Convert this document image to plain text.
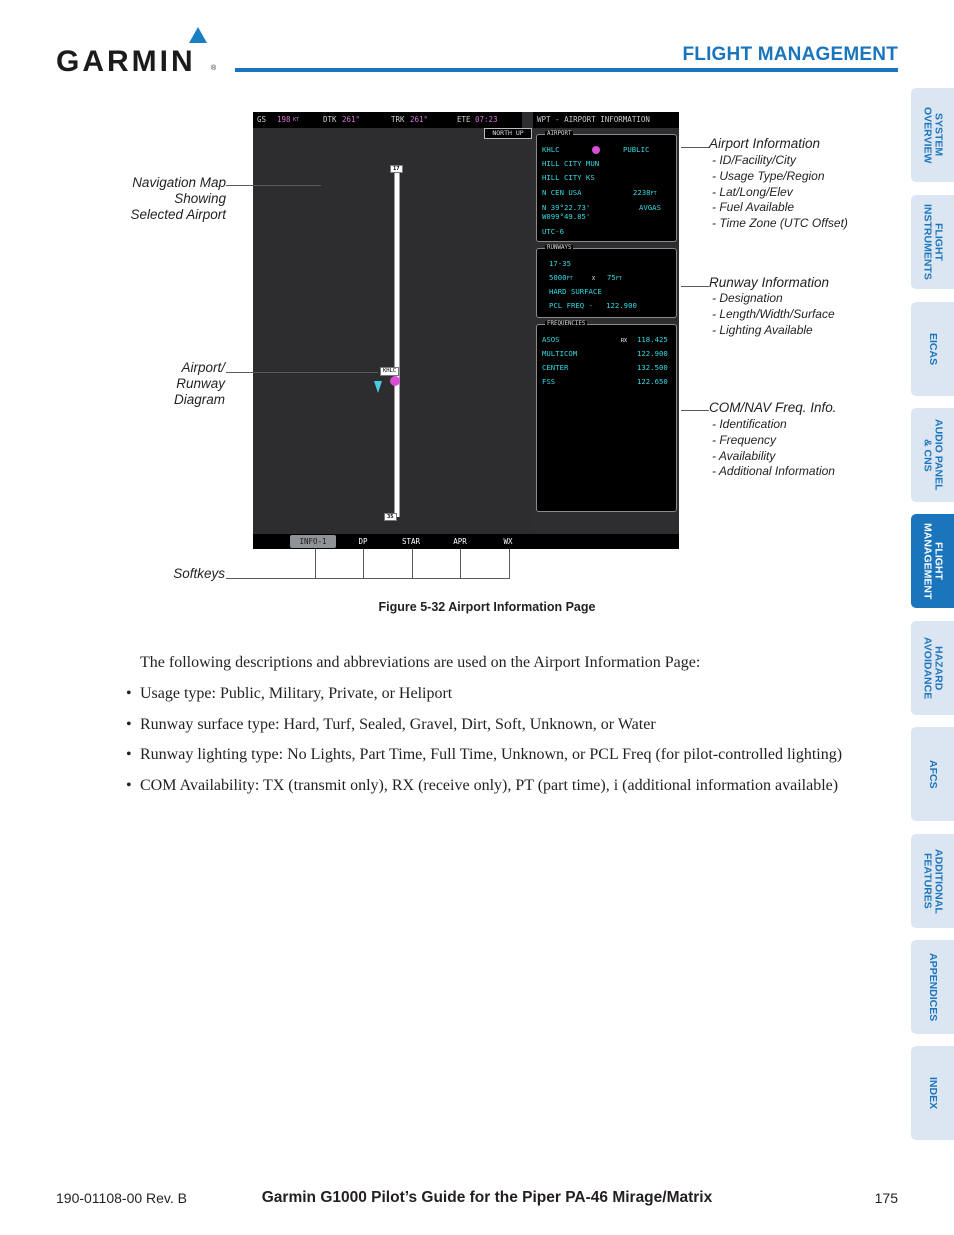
GARMIN ®
FLIGHT MANAGEMENT
SYSTEM
OVERVIEW
FLIGHT
INSTRUMENTS
EICAS
AUDIO PANEL
& CNS
FLIGHT
MANAGEMENT
HAZARD
AVOIDANCE
AFCS
ADDITIONAL
FEATURES
APPENDICES
INDEX
GS 198 KT	DTK 261°	TRK 261°	ETE 07:23
17
35
KHLC
NORTH UP
WPT - AIRPORT INFORMATION
AIRPORT
KHLC	PUBLIC
HILL CITY MUN
HILL CITY KS
N CEN USA	2238FT
N 39°22.73'	AVGAS
W099°49.85'
UTC-6
RUNWAYS
17-35
5000FT	X 75FT
HARD SURFACE
PCL FREQ -   122.900
FREQUENCIES
ASOS	RX 118.425
MULTICOM	122.900
CENTER	132.500
FSS	122.650
INFO-1	DP	STAR	APR	WX
Navigation Map
Showing
Selected Airport
Airport/
Runway
Diagram
Softkeys
Airport Information
- ID/Facility/City
- Usage Type/Region
- Lat/Long/Elev
- Fuel Available
- Time Zone (UTC Offset)
Runway Information
- Designation
- Length/Width/Surface
- Lighting Available
COM/NAV Freq. Info.
- Identification
- Frequency
- Availability
- Additional Information
Figure 5-32 Airport Information Page
The following descriptions and abbreviations are used on the Airport Information Page:
• Usage type: Public, Military, Private, or Heliport
• Runway surface type: Hard, Turf, Sealed, Gravel, Dirt, Soft, Unknown, or Water
• Runway lighting type: No Lights, Part Time, Full Time, Unknown, or PCL Freq (for pilot-controlled lighting)
• COM Availability: TX (transmit only), RX (receive only), PT (part time), i (additional information available)
190-01108-00 Rev. B	Garmin G1000 Pilot’s Guide for the Piper PA-46 Mirage/Matrix	175
